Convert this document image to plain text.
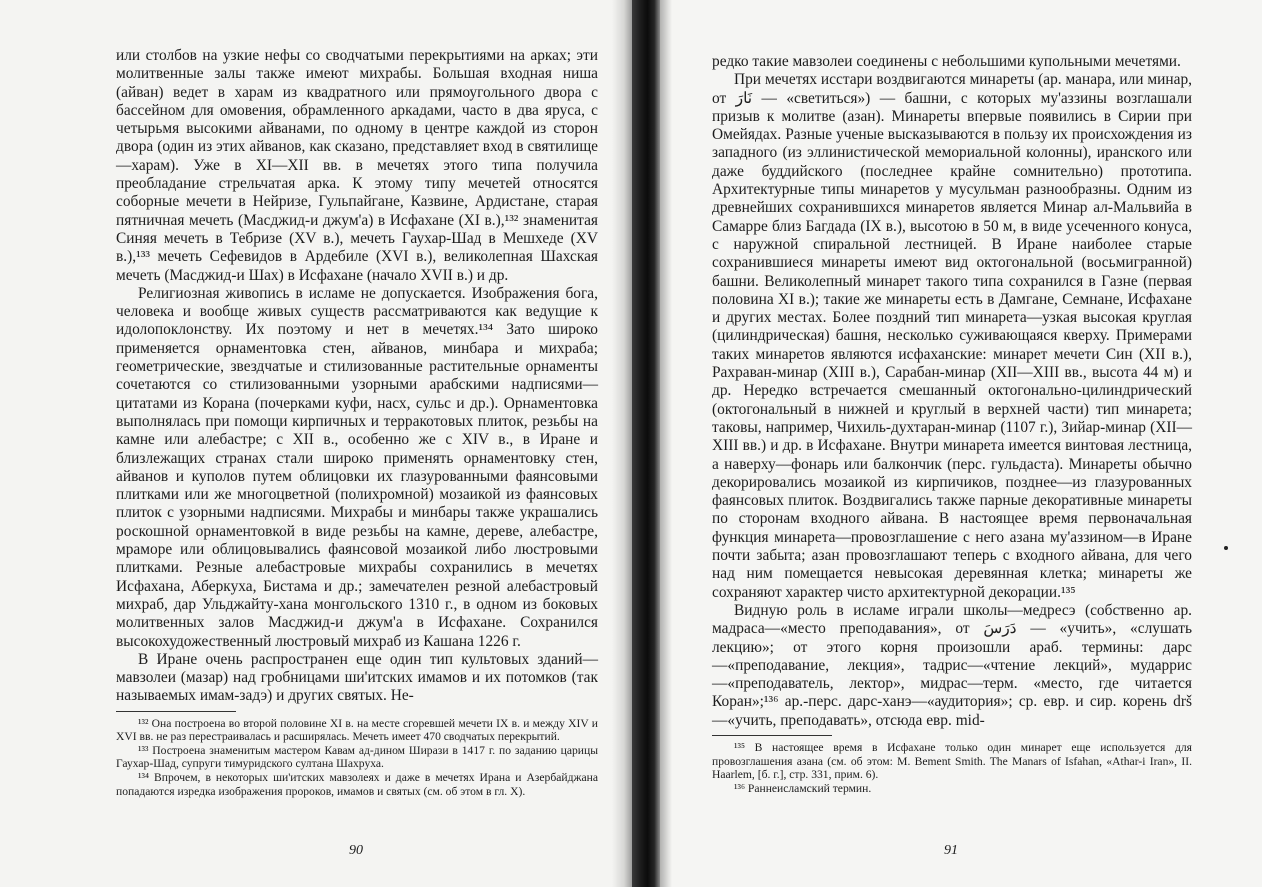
или столбов на узкие нефы со сводчатыми перекрытиями на арках; эти молитвенные залы также имеют михрабы. Большая входная ниша (айван) ведет в харам из квадратного или прямоугольного двора с бассейном для омовения, обрамленного аркадами, часто в два яруса, с четырьмя высокими айванами, по одному в центре каждой из сторон двора (один из этих айванов, как сказано, представляет вход в святилище—харам). Уже в XI—XII вв. в мечетях этого типа получила преобладание стрельчатая арка. К этому типу мечетей относятся соборные мечети в Нейризе, Гульпайгане, Казвине, Ардистане, старая пятничная мечеть (Масджид-и джум'а) в Исфахане (XI в.),¹³² знаменитая Синяя мечеть в Тебризе (XV в.), мечеть Гаухар-Шад в Мешхеде (XV в.),¹³³ мечеть Сефевидов в Ардебиле (XVI в.), великолепная Шахская мечеть (Масджид-и Шах) в Исфахане (начало XVII в.) и др.

Религиозная живопись в исламе не допускается. Изображения бога, человека и вообще живых существ рассматриваются как ведущие к идолопоклонству. Их поэтому и нет в мечетях.¹³⁴ Зато широко применяется орнаментовка стен, айванов, минбара и михраба; геометрические, звездчатые и стилизованные растительные орнаменты сочетаются со стилизованными узорными арабскими надписями—цитатами из Корана (почерками куфи, насх, сульс и др.). Орнаментовка выполнялась при помощи кирпичных и терракотовых плиток, резьбы на камне или алебастре; с XII в., особенно же с XIV в., в Иране и близлежащих странах стали широко применять орнаментовку стен, айванов и куполов путем облицовки их глазурованными фаянсовыми плитками или же многоцветной (полихромной) мозаикой из фаянсовых плиток с узорными надписями. Михрабы и минбары также украшались роскошной орнаментовкой в виде резьбы на камне, дереве, алебастре, мраморе или облицовывались фаянсовой мозаикой либо люстровыми плитками. Резные алебастровые михрабы сохранились в мечетях Исфахана, Аберкуха, Бистама и др.; замечателен резной алебастровый михраб, дар Ульджайту-хана монгольского 1310 г., в одном из боковых молитвенных залов Масджид-и джум'а в Исфахане. Сохранился высокохудожественный люстровый михраб из Кашана 1226 г.

В Иране очень распространен еще один тип культовых зданий—мавзолеи (мазар) над гробницами ши'итских имамов и их потомков (так называемых имам-задэ) и других святых. Не-

¹³² Она построена во второй половине XI в. на месте сгоревшей мечети IX в. и между XIV и XVI вв. не раз перестраивалась и расширялась. Мечеть имеет 470 сводчатых перекрытий.

¹³³ Построена знаменитым мастером Кавам ад-дином Ширази в 1417 г. по заданию царицы Гаухар-Шад, супруги тимуридского султана Шахруха.

¹³⁴ Впрочем, в некоторых ши'итских мавзолеях и даже в мечетях Ирана и Азербайджана попадаются изредка изображения пророков, имамов и святых (см. об этом в гл. X).

90

редко такие мавзолеи соединены с небольшими купольными мечетями.

При мечетях исстари воздвигаются минареты (ар. манара, или минар, от نَارَ — «светиться») — башни, с которых му'аззины возглашали призыв к молитве (азан). Минареты впервые появились в Сирии при Омейядах. Разные ученые высказываются в пользу их происхождения из западного (из эллинистической мемориальной колонны), иранского или даже буддийского (последнее крайне сомнительно) прототипа. Архитектурные типы минаретов у мусульман разнообразны. Одним из древнейших сохранившихся минаретов является Минар ал-Мальвийа в Самарре близ Багдада (IX в.), высотою в 50 м, в виде усеченного конуса, с наружной спиральной лестницей. В Иране наиболее старые сохранившиеся минареты имеют вид октогональной (восьмигранной) башни. Великолепный минарет такого типа сохранился в Газне (первая половина XI в.); такие же минареты есть в Дамгане, Семнане, Исфахане и других местах. Более поздний тип минарета—узкая высокая круглая (цилиндрическая) башня, несколько суживающаяся кверху. Примерами таких минаретов являются исфаханские: минарет мечети Син (XII в.), Рахраван-минар (XIII в.), Сарабан-минар (XII—XIII вв., высота 44 м) и др. Нередко встречается смешанный октогонально-цилиндрический (октогональный в нижней и круглый в верхней части) тип минарета; таковы, например, Чихиль-духтаран-минар (1107 г.), Зийар-минар (XII—XIII вв.) и др. в Исфахане. Внутри минарета имеется винтовая лестница, а наверху—фонарь или балкончик (перс. гульдаста). Минареты обычно декорировались мозаикой из кирпичиков, позднее—из глазурованных фаянсовых плиток. Воздвигались также парные декоративные минареты по сторонам входного айвана. В настоящее время первоначальная функция минарета—провозглашение с него азана му'аззином—в Иране почти забыта; азан провозглашают теперь с входного айвана, для чего над ним помещается невысокая деревянная клетка; минареты же сохраняют характер чисто архитектурной декорации.¹³⁵

Видную роль в исламе играли школы—медресэ (собственно ар. мадраса—«место преподавания», от دَرَسَ — «учить», «слушать лекцию»; от этого корня произошли араб. термины: дарс—«преподавание, лекция», тадрис—«чтение лекций», мударрис—«преподаватель, лектор», мидрас—терм. «место, где читается Коран»;¹³⁶ ар.-перс. дарс-ханэ—«аудитория»; ср. евр. и сир. корень drš—«учить, преподавать», отсюда евр. mid-

¹³⁵ В настоящее время в Исфахане только один минарет еще используется для провозглашения азана (см. об этом: M. Bement Smith. The Manars of Isfahan, «Athar-i Iran», II. Haarlem, [б. г.], стр. 331, прим. 6).

¹³⁶ Раннеисламский термин.

91
